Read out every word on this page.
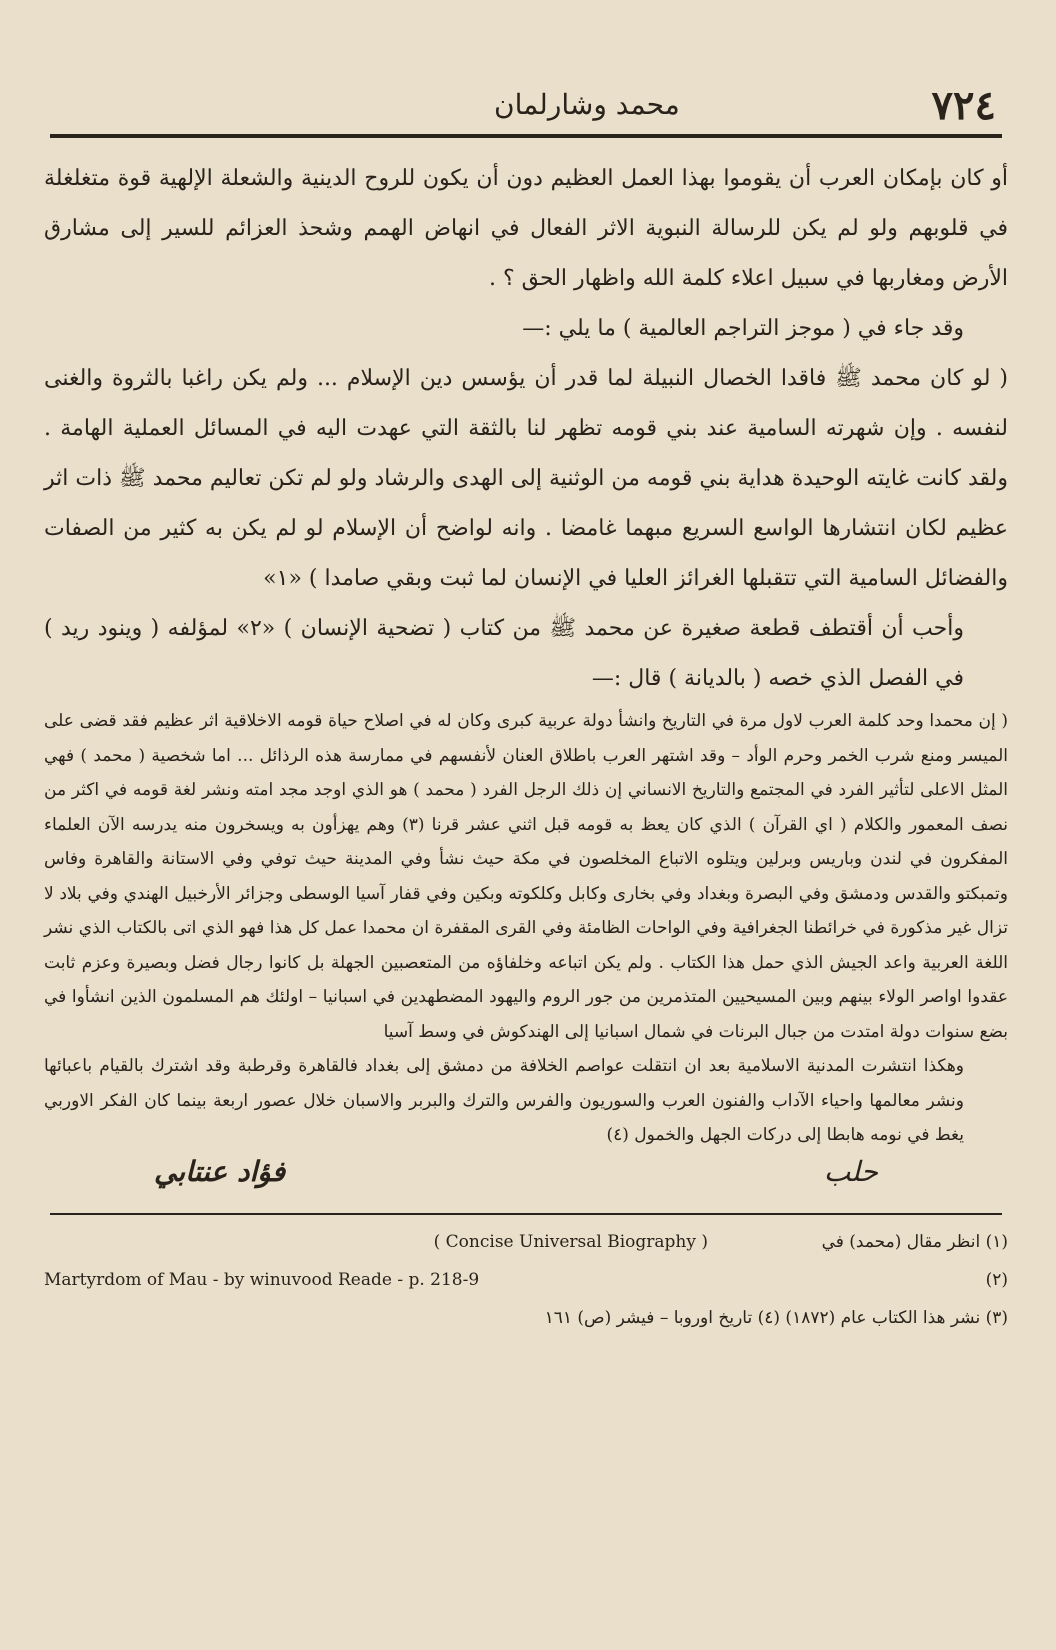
٧٢٤
محمد وشارلمان

أو كان بإمكان العرب أن يقوموا بهذا العمل العظيم دون أن يكون للروح الدينية والشعلة الإلهية قوة متغلغلة في قلوبهم ولو لم يكن للرسالة النبوية الاثر الفعال في انهاض الهمم وشحذ العزائم للسير إلى مشارق الأرض ومغاربها في سبيل اعلاء كلمة الله واظهار الحق ؟ .

وقد جاء في ( موجز التراجم العالمية ) ما يلي :—

( لو كان محمد ﷺ فاقدا الخصال النبيلة لما قدر أن يؤسس دين الإسلام ... ولم يكن راغبا بالثروة والغنى لنفسه . وإن شهرته السامية عند بني قومه تظهر لنا بالثقة التي عهدت اليه في المسائل العملية الهامة . ولقد كانت غايته الوحيدة هداية بني قومه من الوثنية إلى الهدى والرشاد ولو لم تكن تعاليم محمد ﷺ ذات اثر عظيم لكان انتشارها الواسع السريع مبهما غامضا . وانه لواضح أن الإسلام لو لم يكن به كثير من الصفات والفضائل السامية التي تتقبلها الغرائز العليا في الإنسان لما ثبت وبقي صامدا ) «١»

وأحب أن أقتطف قطعة صغيرة عن محمد ﷺ من كتاب ( تضحية الإنسان ) «٢» لمؤلفه ( وينود ريد ) في الفصل الذي خصه ( بالديانة ) قال :—

( إن محمدا وحد كلمة العرب لاول مرة في التاريخ وانشأ دولة عربية كبرى وكان له في اصلاح حياة قومه الاخلاقية اثر عظيم فقد قضى على الميسر ومنع شرب الخمر وحرم الوأد – وقد اشتهر العرب باطلاق العنان لأنفسهم في ممارسة هذه الرذائل ... اما شخصية ( محمد ) فهي المثل الاعلى لتأثير الفرد في المجتمع والتاريخ الانساني إن ذلك الرجل الفرد ( محمد ) هو الذي اوجد مجد امته ونشر لغة قومه في اكثر من نصف المعمور والكلام ( اي القرآن ) الذي كان يعظ به قومه قبل اثني عشر قرنا (٣) وهم يهزأون به ويسخرون منه يدرسه الآن العلماء المفكرون في لندن وباريس وبرلين ويتلوه الاتباع المخلصون في مكة حيث نشأ وفي المدينة حيث توفي وفي الاستانة والقاهرة وفاس وتمبكتو والقدس ودمشق وفي البصرة وبغداد وفي بخارى وكابل وكلكوته وبكين وفي قفار آسيا الوسطى وجزائر الأرخبيل الهندي وفي بلاد لا تزال غير مذكورة في خرائطنا الجغرافية وفي الواحات الظامئة وفي القرى المقفرة ان محمدا عمل كل هذا فهو الذي اتى بالكتاب الذي نشر اللغة العربية واعد الجيش الذي حمل هذا الكتاب . ولم يكن اتباعه وخلفاؤه من المتعصبين الجهلة بل كانوا رجال فضل وبصيرة وعزم ثابت عقدوا اواصر الولاء بينهم وبين المسيحيين المتذمرين من جور الروم واليهود المضطهدين في اسبانيا – اولئك هم المسلمون الذين انشأوا في بضع سنوات دولة امتدت من جبال البرنات في شمال اسبانيا إلى الهندكوش في وسط آسيا

وهكذا انتشرت المدنية الاسلامية بعد ان انتقلت عواصم الخلافة من دمشق إلى بغداد فالقاهرة وقرطبة وقد اشترك بالقيام باعبائها ونشر معالمها واحياء الآداب والفنون العرب والسوريون والفرس والترك والبربر والاسبان خلال عصور اربعة بينما كان الفكر الاوربي يغط في نومه هابطا إلى دركات الجهل والخمول (٤)

حلب
فؤاد عنتابي
(١) انظر مقال (محمد) في
( Concise Universal Biography )
Martyrdom of Mau - by winuvood Reade - p. 218-9	(٢)
(٣) نشر هذا الكتاب عام (١٨٧٢) (٤) تاريخ اوروبا – فيشر (ص) ١٦١
